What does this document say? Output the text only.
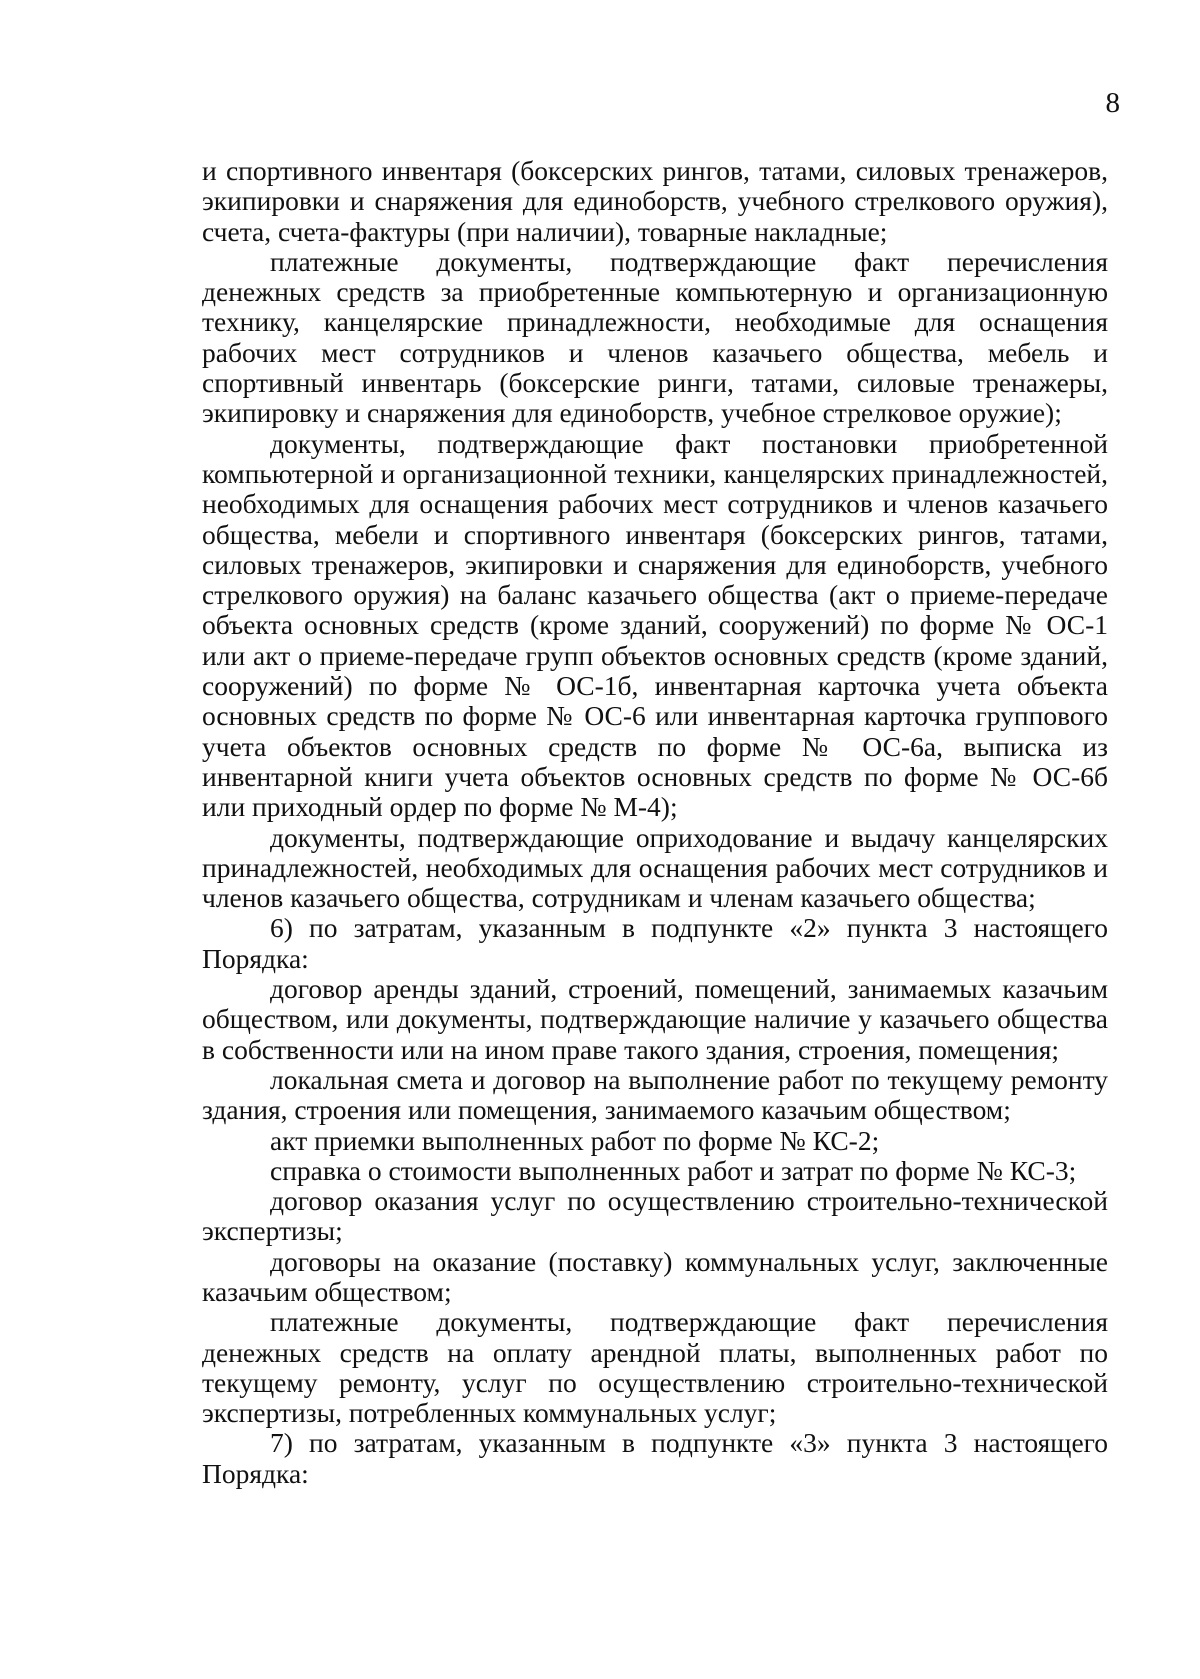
8

и спортивного инвентаря (боксерских рингов, татами, силовых тренажеров, экипировки и снаряжения для единоборств, учебного стрелкового оружия), счета, счета-фактуры (при наличии), товарные накладные;

платежные документы, подтверждающие факт перечисления денежных средств за приобретенные компьютерную и организационную технику, канцелярские принадлежности, необходимые для оснащения рабочих мест сотрудников и членов казачьего общества, мебель и спортивный инвентарь (боксерские ринги, татами, силовые тренажеры, экипировку и снаряжения для единоборств, учебное стрелковое оружие);

документы, подтверждающие факт постановки приобретенной компьютерной и организационной техники, канцелярских принадлежностей, необходимых для оснащения рабочих мест сотрудников и членов казачьего общества, мебели и спортивного инвентаря (боксерских рингов, татами, силовых тренажеров, экипировки и снаряжения для единоборств, учебного стрелкового оружия) на баланс казачьего общества (акт о приеме-передаче объекта основных средств (кроме зданий, сооружений) по форме № ОС-1 или акт о приеме-передаче групп объектов основных средств (кроме зданий, сооружений) по форме № ОС-1б, инвентарная карточка учета объекта основных средств по форме № ОС-6 или инвентарная карточка группового учета объектов основных средств по форме № ОС-6а, выписка из инвентарной книги учета объектов основных средств по форме № ОС-6б или приходный ордер по форме № М-4);

документы, подтверждающие оприходование и выдачу канцелярских принадлежностей, необходимых для оснащения рабочих мест сотрудников и членов казачьего общества, сотрудникам и членам казачьего общества;

6) по затратам, указанным в подпункте «2» пункта 3 настоящего Порядка:

договор аренды зданий, строений, помещений, занимаемых казачьим обществом, или документы, подтверждающие наличие у казачьего общества в собственности или на ином праве такого здания, строения, помещения;

локальная смета и договор на выполнение работ по текущему ремонту здания, строения или помещения, занимаемого казачьим обществом;

акт приемки выполненных работ по форме № КС-2;

справка о стоимости выполненных работ и затрат по форме № КС-3;

договор оказания услуг по осуществлению строительно-технической экспертизы;

договоры на оказание (поставку) коммунальных услуг, заключенные казачьим обществом;

платежные документы, подтверждающие факт перечисления денежных средств на оплату арендной платы, выполненных работ по текущему ремонту, услуг по осуществлению строительно-технической экспертизы, потребленных коммунальных услуг;

7) по затратам, указанным в подпункте «3» пункта 3 настоящего Порядка:
